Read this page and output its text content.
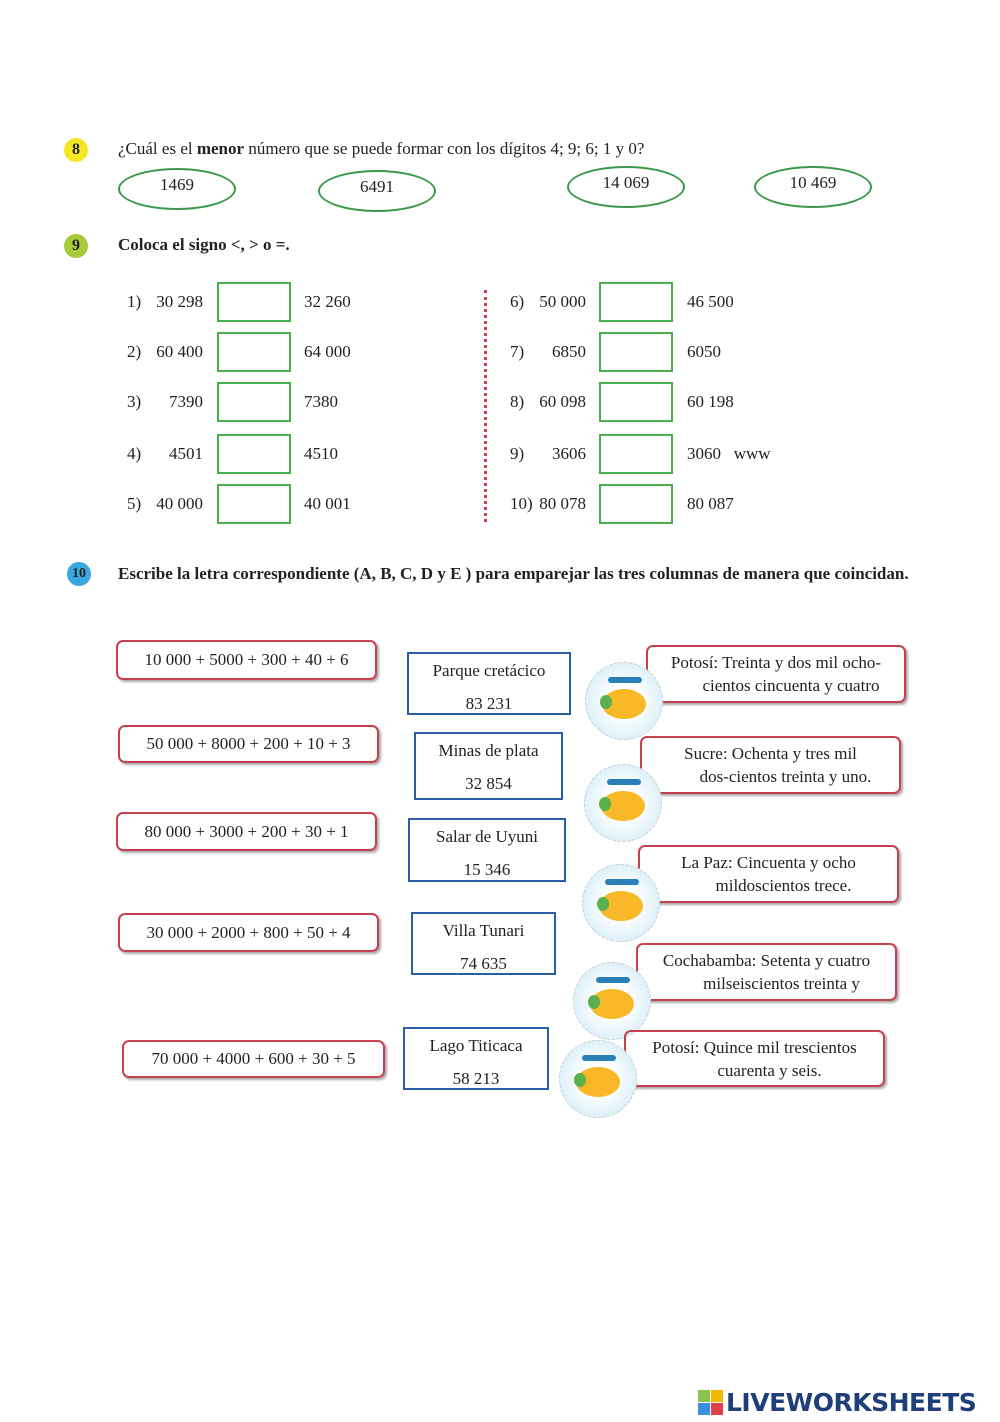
8	¿Cuál es el menor número que se puede formar con los dígitos 4; 9; 6; 1 y 0?
1469	6491	14 069	10 469
9	Coloca el signo <, > o =.
1) 30 298	32 260
2) 60 400	64 000
3)	7390	7380
4)	4501	4510
5) 40 000	40 001
6) 50 000	46 500
7)	6850	6050
8) 60 098	60 198
9)	3606	3060   www
10) 80 078	80 087
10 000 + 5000 + 300 + 40 + 6
Parque cretácico
83 231
Potosí: Treinta y dos mil ocho-
cientos cincuenta y cuatro
50 000 + 8000 + 200 + 10 + 3	Minas de plata
32 854
Sucre: Ochenta y tres mil
dos-cientos treinta y uno.
80 000 + 3000 + 200 + 30 + 1	Salar de Uyuni
15 346	La Paz: Cincuenta y ocho
mildoscientos trece.
30 000 + 2000 + 800 + 50 + 4	Villa Tunari
74 635	Cochabamba: Setenta y cuatro
milseiscientos treinta y
70 000 + 4000 + 600 + 30 + 5
Lago Titicaca
58 213
Potosí: Quince mil trescientos
cuarenta y seis.
10 Escribe la letra correspondiente (A, B, C, D y E ) para emparejar las tres columnas de manera que coincidan.
LIVEWORKSHEETS
